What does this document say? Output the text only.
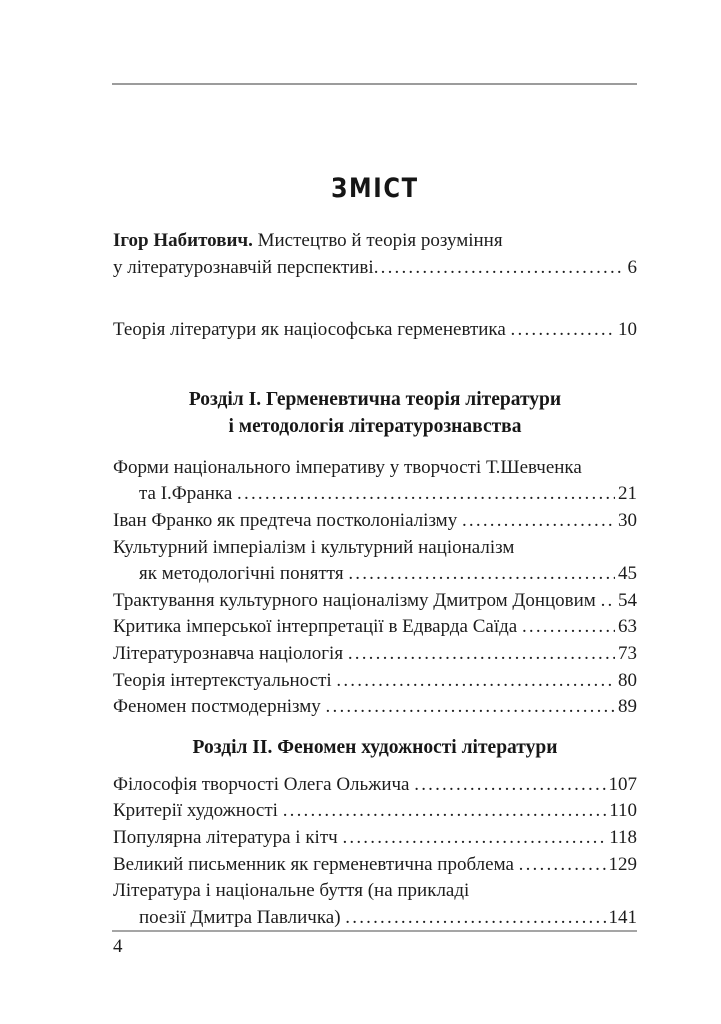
ЗМІСТ
Ігор Набитович. Мистецтво й теорія розуміння
у літературознавчій перспективі .....	6
Теорія літератури як націософська герменевтика .....	10
Розділ I. Герменевтична теорія літератури
і методологія літературознавства
Форми національного імперативу у творчості Т.Шевченка
та І.Франка .....	21
Іван Франко як предтеча постколоніалізму .....	30
Культурний імперіалізм і культурний націоналізм
як методологічні поняття .....	45
Трактування культурного націоналізму Дмитром Донцовим ..... 54
Критика імперської інтерпретації в Едварда Саїда .....	63
Літературознавча націологія .....	73
Теорія інтертекстуальності .....	80
Феномен постмодернізму .....	89
Розділ II. Феномен художності літератури
Філософія творчості Олега Ольжича .....	107
Критерії художності .....	110
Популярна література і кітч .....	118
Великий письменник як герменевтична проблема .....	129
Література і національне буття (на прикладі
поезії Дмитра Павличка) .....	141
4
